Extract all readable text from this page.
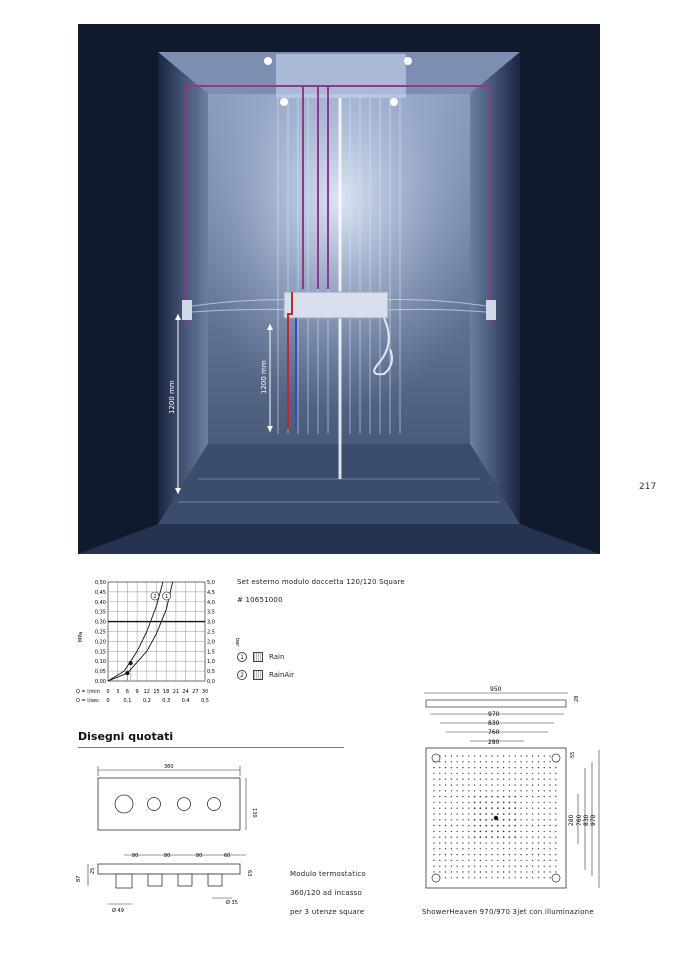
1200 mm
1200 mm
217
0,50
0,45
0,40
0,35
0,30
0,25
0,20
0,15
0,10
0,05
0,00
5,0
4,5
4,0
3,5
3,0
2,5
2,0
1,5
1,0
0,5
0,0
0 3 6 9 12 15 18 21 24 27 30
0	0,1 0,2 0,3 0,4 0,5
1
2
MPa
bar
Q = l/min
Q = l/sec.
Set esterno modulo doccetta 120/120 Square
# 10651000
1	Rain
2	RainAir
Disegni quotati
360
130
80	80	80	60
87
25	63
Ø 49
Ø 35
Modulo termostatico
360/120 ad incasso
per 3 utenze square
950
28
970
830
760
280
55
280 760 830 970
ShowerHeaven 970/970 3jet con illuminazione
